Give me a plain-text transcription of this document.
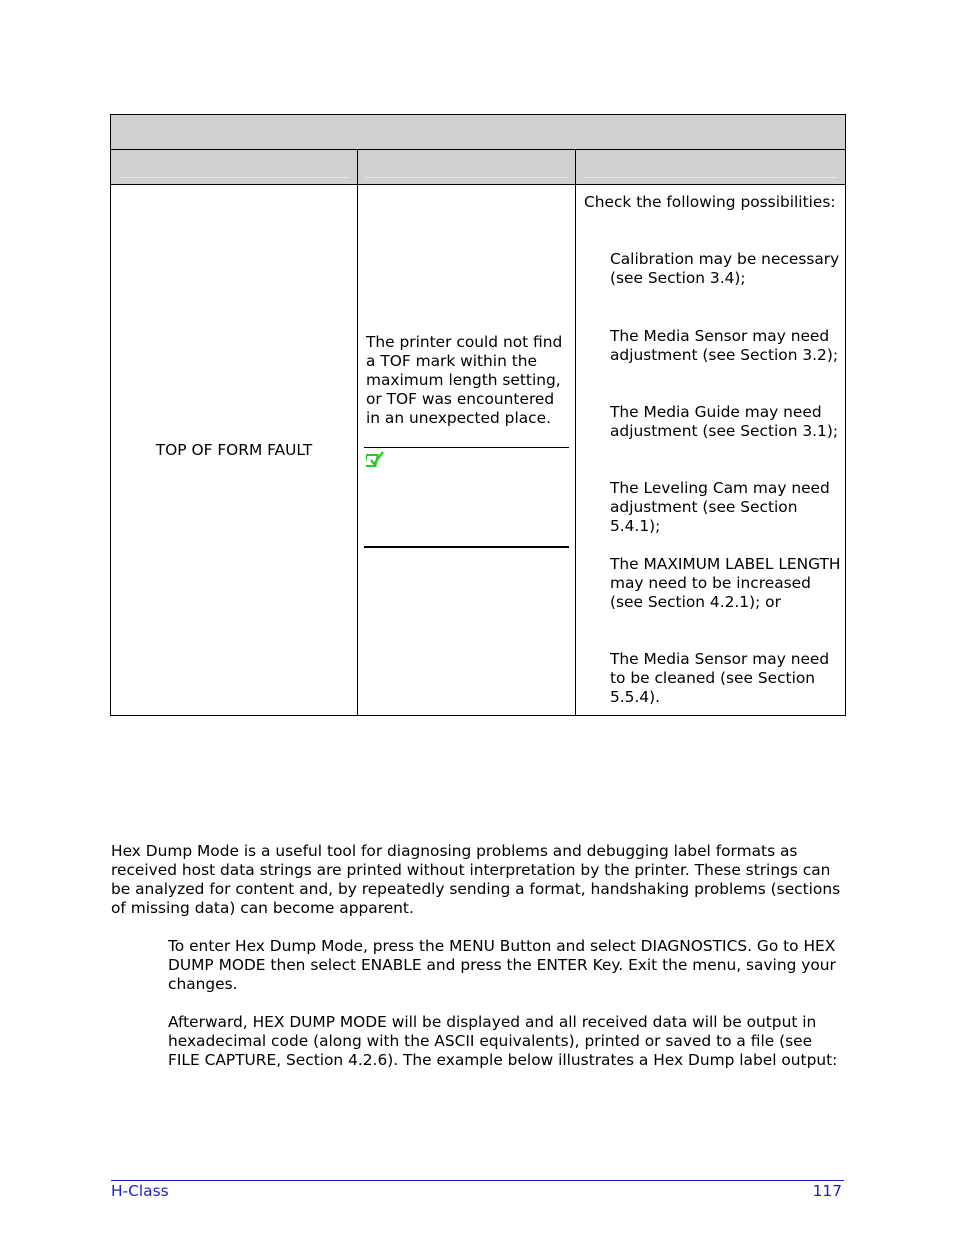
TOP OF FORM FAULT
The printer could not find a TOF mark within the maximum length setting, or TOF was encountered in an unexpected place.
Check the following possibilities:
Calibration may be necessary (see Section 3.4);
The Media Sensor may need adjustment (see Section 3.2);
The Media Guide may need adjustment (see Section 3.1);
The Leveling Cam may need adjustment (see Section 5.4.1);
The MAXIMUM LABEL LENGTH may need to be increased (see Section 4.2.1); or
The Media Sensor may need to be cleaned (see Section 5.5.4).
Hex Dump Mode is a useful tool for diagnosing problems and debugging label formats as received host data strings are printed without interpretation by the printer. These strings can be analyzed for content and, by repeatedly sending a format, handshaking problems (sections of missing data) can become apparent.
To enter Hex Dump Mode, press the MENU Button and select DIAGNOSTICS. Go to HEX DUMP MODE then select ENABLE and press the ENTER Key. Exit the menu, saving your changes.
Afterward, HEX DUMP MODE will be displayed and all received data will be output in hexadecimal code (along with the ASCII equivalents), printed or saved to a file (see FILE CAPTURE, Section 4.2.6). The example below illustrates a Hex Dump label output:
H-Class	117
